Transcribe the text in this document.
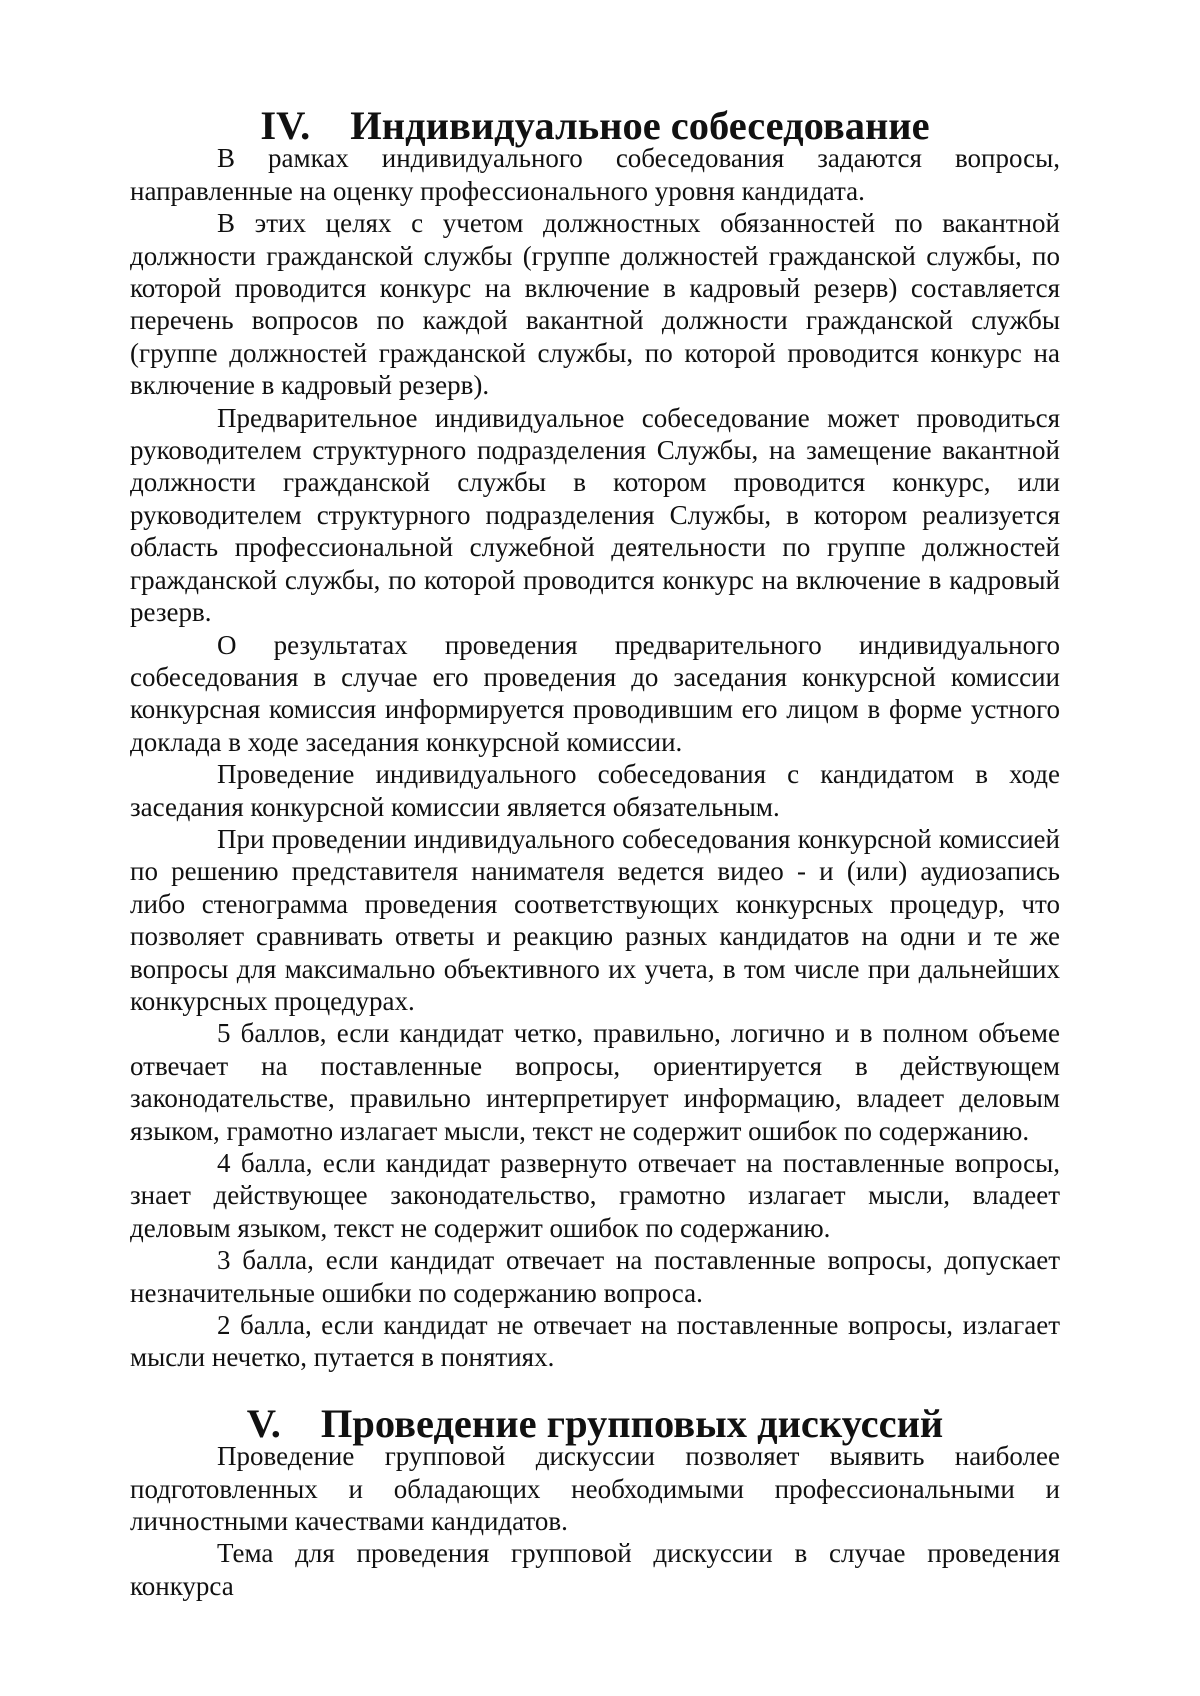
IV. Индивидуальное собеседование

В рамках индивидуального собеседования задаются вопросы, направленные на оценку профессионального уровня кандидата.

В этих целях с учетом должностных обязанностей по вакантной должности гражданской службы (группе должностей гражданской службы, по которой проводится конкурс на включение в кадровый резерв) составляется перечень вопросов по каждой вакантной должности гражданской службы (группе должностей гражданской службы, по которой проводится конкурс на включение в кадровый резерв).

Предварительное индивидуальное собеседование может проводиться руководителем структурного подразделения Службы, на замещение вакантной должности гражданской службы в котором проводится конкурс, или руководителем структурного подразделения Службы, в котором реализуется область профессиональной служебной деятельности по группе должностей гражданской службы, по которой проводится конкурс на включение в кадровый резерв.

О результатах проведения предварительного индивидуального собеседования в случае его проведения до заседания конкурсной комиссии конкурсная комиссия информируется проводившим его лицом в форме устного доклада в ходе заседания конкурсной комиссии.

Проведение индивидуального собеседования с кандидатом в ходе заседания конкурсной комиссии является обязательным.

При проведении индивидуального собеседования конкурсной комиссией по решению представителя нанимателя ведется видео - и (или) аудиозапись либо стенограмма проведения соответствующих конкурсных процедур, что позволяет сравнивать ответы и реакцию разных кандидатов на одни и те же вопросы для максимально объективного их учета, в том числе при дальнейших конкурсных процедурах.

5 баллов, если кандидат четко, правильно, логично и в полном объеме отвечает на поставленные вопросы, ориентируется в действующем законодательстве, правильно интерпретирует информацию, владеет деловым языком, грамотно излагает мысли, текст не содержит ошибок по содержанию.

4 балла, если кандидат развернуто отвечает на поставленные вопросы, знает действующее законодательство, грамотно излагает мысли, владеет деловым языком, текст не содержит ошибок по содержанию.

3 балла, если кандидат отвечает на поставленные вопросы, допускает незначительные ошибки по содержанию вопроса.

2 балла, если кандидат не отвечает на поставленные вопросы, излагает мысли нечетко, путается в понятиях.

V. Проведение групповых дискуссий

Проведение групповой дискуссии позволяет выявить наиболее подготовленных и обладающих необходимыми профессиональными и личностными качествами кандидатов.

Тема для проведения групповой дискуссии в случае проведения конкурса
